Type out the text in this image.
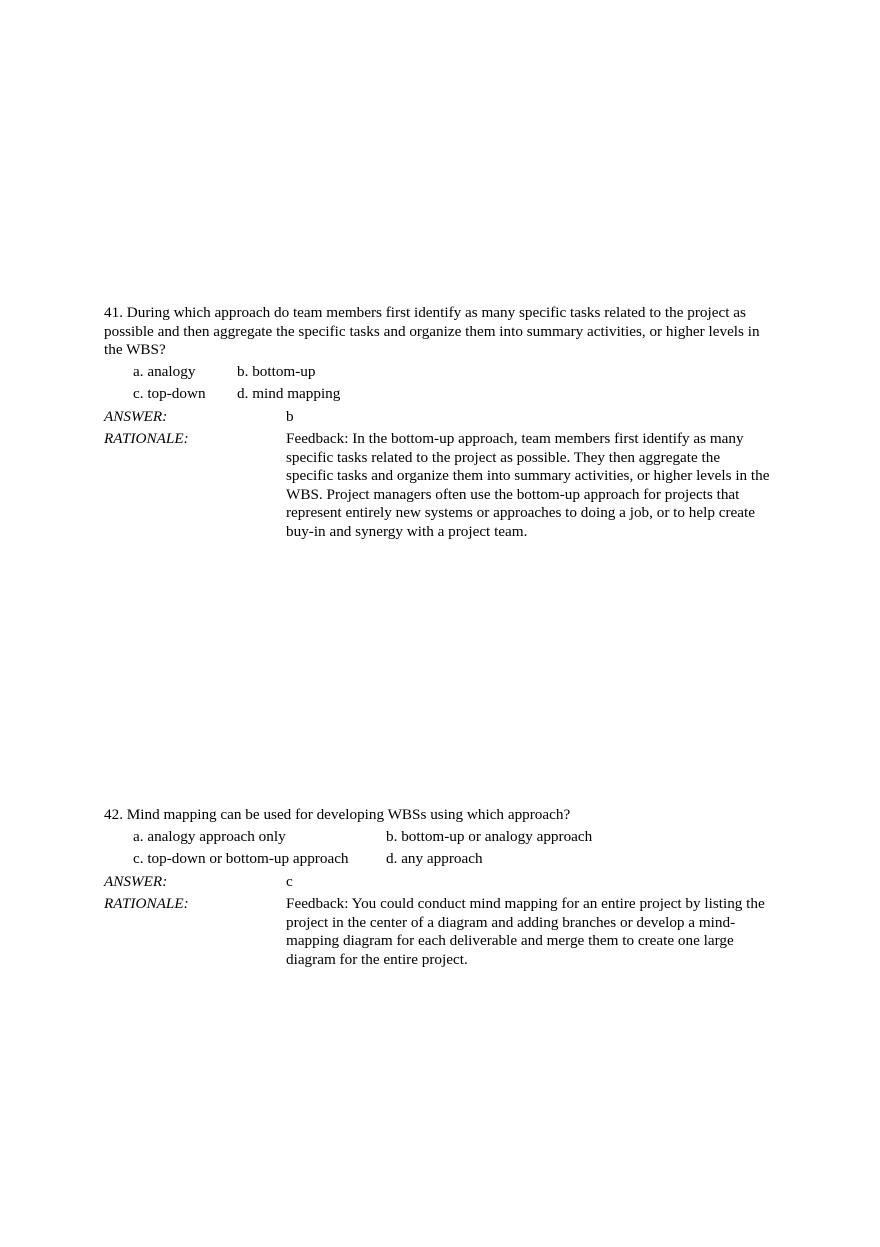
41. During which approach do team members first identify as many specific tasks related to the project as possible and then aggregate the specific tasks and organize them into summary activities, or higher levels in the WBS?

a. analogy	b. bottom-up
c. top-down	d. mind mapping
ANSWER:	b
RATIONALE:	Feedback: In the bottom-up approach, team members first identify as many specific tasks related to the project as possible. They then aggregate the specific tasks and organize them into summary activities, or higher levels in the WBS. Project managers often use the bottom-up approach for projects that represent entirely new systems or approaches to doing a job, or to help create buy-in and synergy with a project team.

42. Mind mapping can be used for developing WBSs using which approach?

a. analogy approach only	b. bottom-up or analogy approach
c. top-down or bottom-up approach	d. any approach
ANSWER:	c
RATIONALE:	Feedback: You could conduct mind mapping for an entire project by listing the project in the center of a diagram and adding branches or develop a mind-mapping diagram for each deliverable and merge them to create one large diagram for the entire project.
